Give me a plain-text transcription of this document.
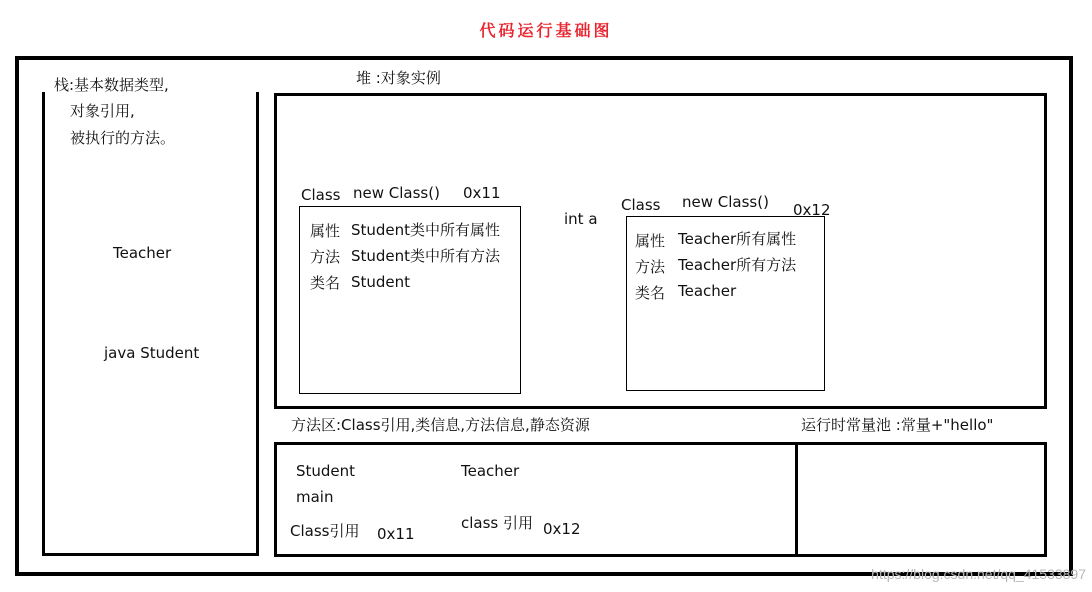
代码运行基础图
栈:基本数据类型,
对象引用,
被执行的方法。
Teacher
java Student
堆 :对象实例
Class new Class() 0x11
属性 Student类中所有属性
方法 Student类中所有方法
类名 Student
int a
Class new Class() 0x12
属性 Teacher所有属性
方法 Teacher所有方法
类名 Teacher
方法区:Class引用,类信息,方法信息,静态资源	运行时常量池 :常量+"hello"
Student
main
Class引用 0x11
Teacher
class 引用 0x12
https://blog.csdn.net/qq_41533897
